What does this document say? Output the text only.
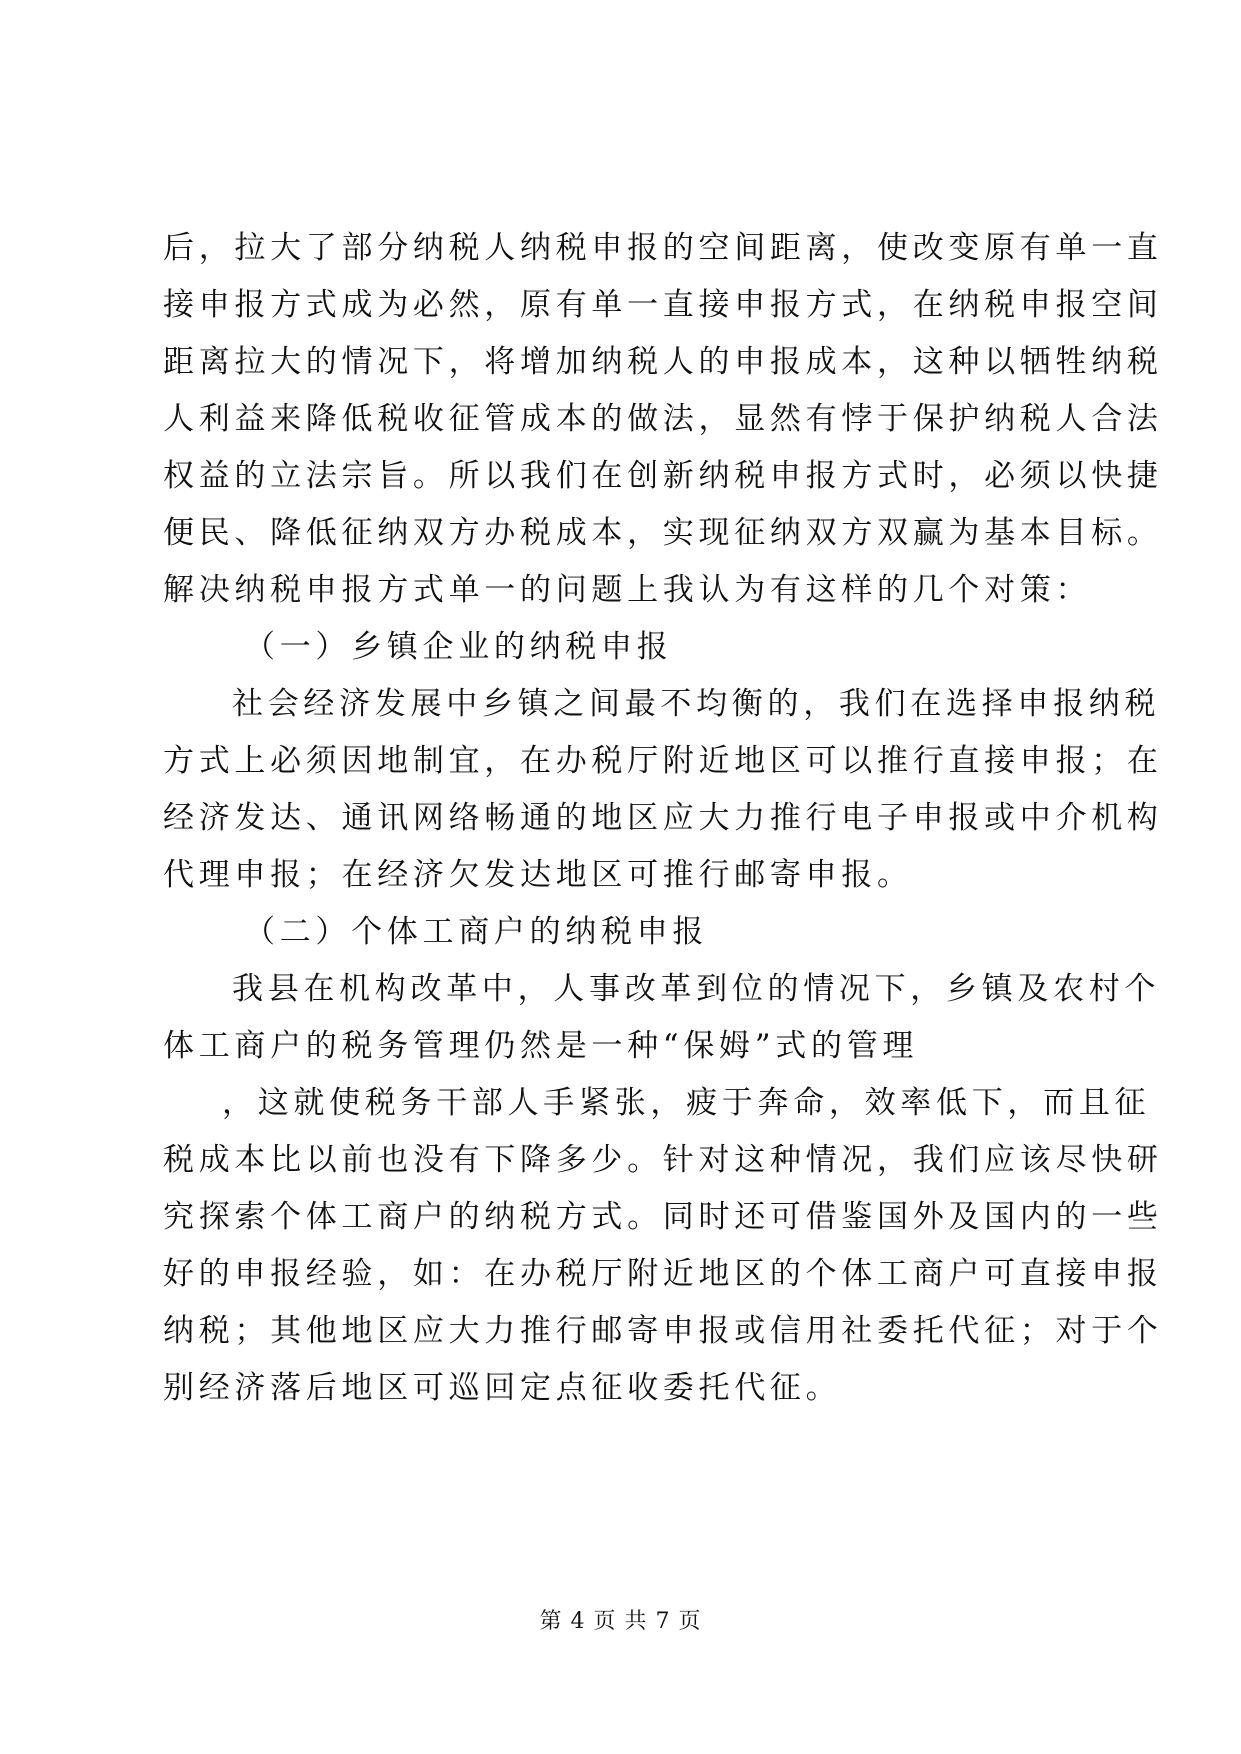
后，拉大了部分纳税人纳税申报的空间距离，使改变原有单一直
接申报方式成为必然，原有单一直接申报方式，在纳税申报空间
距离拉大的情况下，将增加纳税人的申报成本，这种以牺牲纳税
人利益来降低税收征管成本的做法，显然有悖于保护纳税人合法
权益的立法宗旨。所以我们在创新纳税申报方式时，必须以快捷
便民、降低征纳双方办税成本，实现征纳双方双赢为基本目标。
解决纳税申报方式单一的问题上我认为有这样的几个对策：
（一）乡镇企业的纳税申报
社会经济发展中乡镇之间最不均衡的，我们在选择申报纳税
方式上必须因地制宜，在办税厅附近地区可以推行直接申报；在
经济发达、通讯网络畅通的地区应大力推行电子申报或中介机构
代理申报；在经济欠发达地区可推行邮寄申报。
（二）个体工商户的纳税申报
我县在机构改革中，人事改革到位的情况下，乡镇及农村个
体工商户的税务管理仍然是一种“保姆”式的管理
，这就使税务干部人手紧张，疲于奔命，效率低下，而且征
税成本比以前也没有下降多少。针对这种情况，我们应该尽快研
究探索个体工商户的纳税方式。同时还可借鉴国外及国内的一些
好的申报经验，如：在办税厅附近地区的个体工商户可直接申报
纳税；其他地区应大力推行邮寄申报或信用社委托代征；对于个
别经济落后地区可巡回定点征收委托代征。
第 4 页 共 7 页
